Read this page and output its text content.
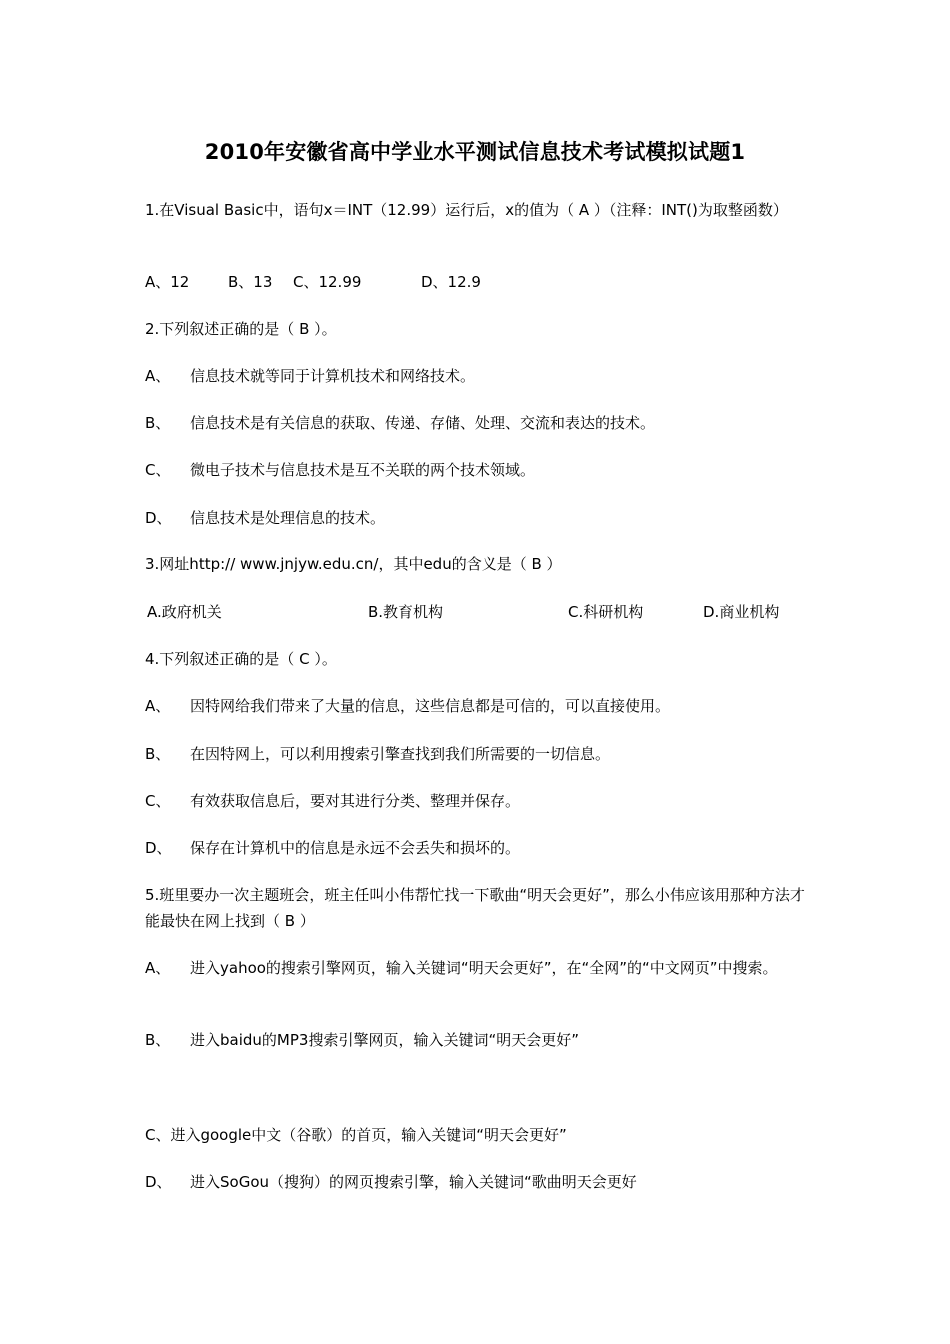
2010年安徽省高中学业水平测试信息技术考试模拟试题1
1.在Visual Basic中，语句x＝INT（12.99）运行后，x的值为（ A ）（注释：INT()为取整函数）
A、12	B、13 C、12.99	D、12.9
2.下列叙述正确的是（ B ）。
A、 信息技术就等同于计算机技术和网络技术。
B、 信息技术是有关信息的获取、传递、存储、处理、交流和表达的技术。
C、 微电子技术与信息技术是互不关联的两个技术领域。
D、 信息技术是处理信息的技术。
3.网址http:// www.jnjyw.edu.cn/，其中edu的含义是（ B ）
A.政府机关	B.教育机构	C.科研机构	D.商业机构
4.下列叙述正确的是（ C ）。
A、 因特网给我们带来了大量的信息，这些信息都是可信的，可以直接使用。
B、 在因特网上，可以利用搜索引擎查找到我们所需要的一切信息。
C、 有效获取信息后，要对其进行分类、整理并保存。
D、 保存在计算机中的信息是永远不会丢失和损坏的。
5.班里要办一次主题班会，班主任叫小伟帮忙找一下歌曲“明天会更好”，那么小伟应该用那种方法才能最快在网上找到（ B ）
A、 进入yahoo的搜索引擎网页，输入关键词“明天会更好”，在“全网”的“中文网页”中搜索。
B、 进入baidu的MP3搜索引擎网页，输入关键词“明天会更好”
C、进入google中文（谷歌）的首页，输入关键词“明天会更好”
D、 进入SoGou（搜狗）的网页搜索引擎，输入关键词“歌曲明天会更好
